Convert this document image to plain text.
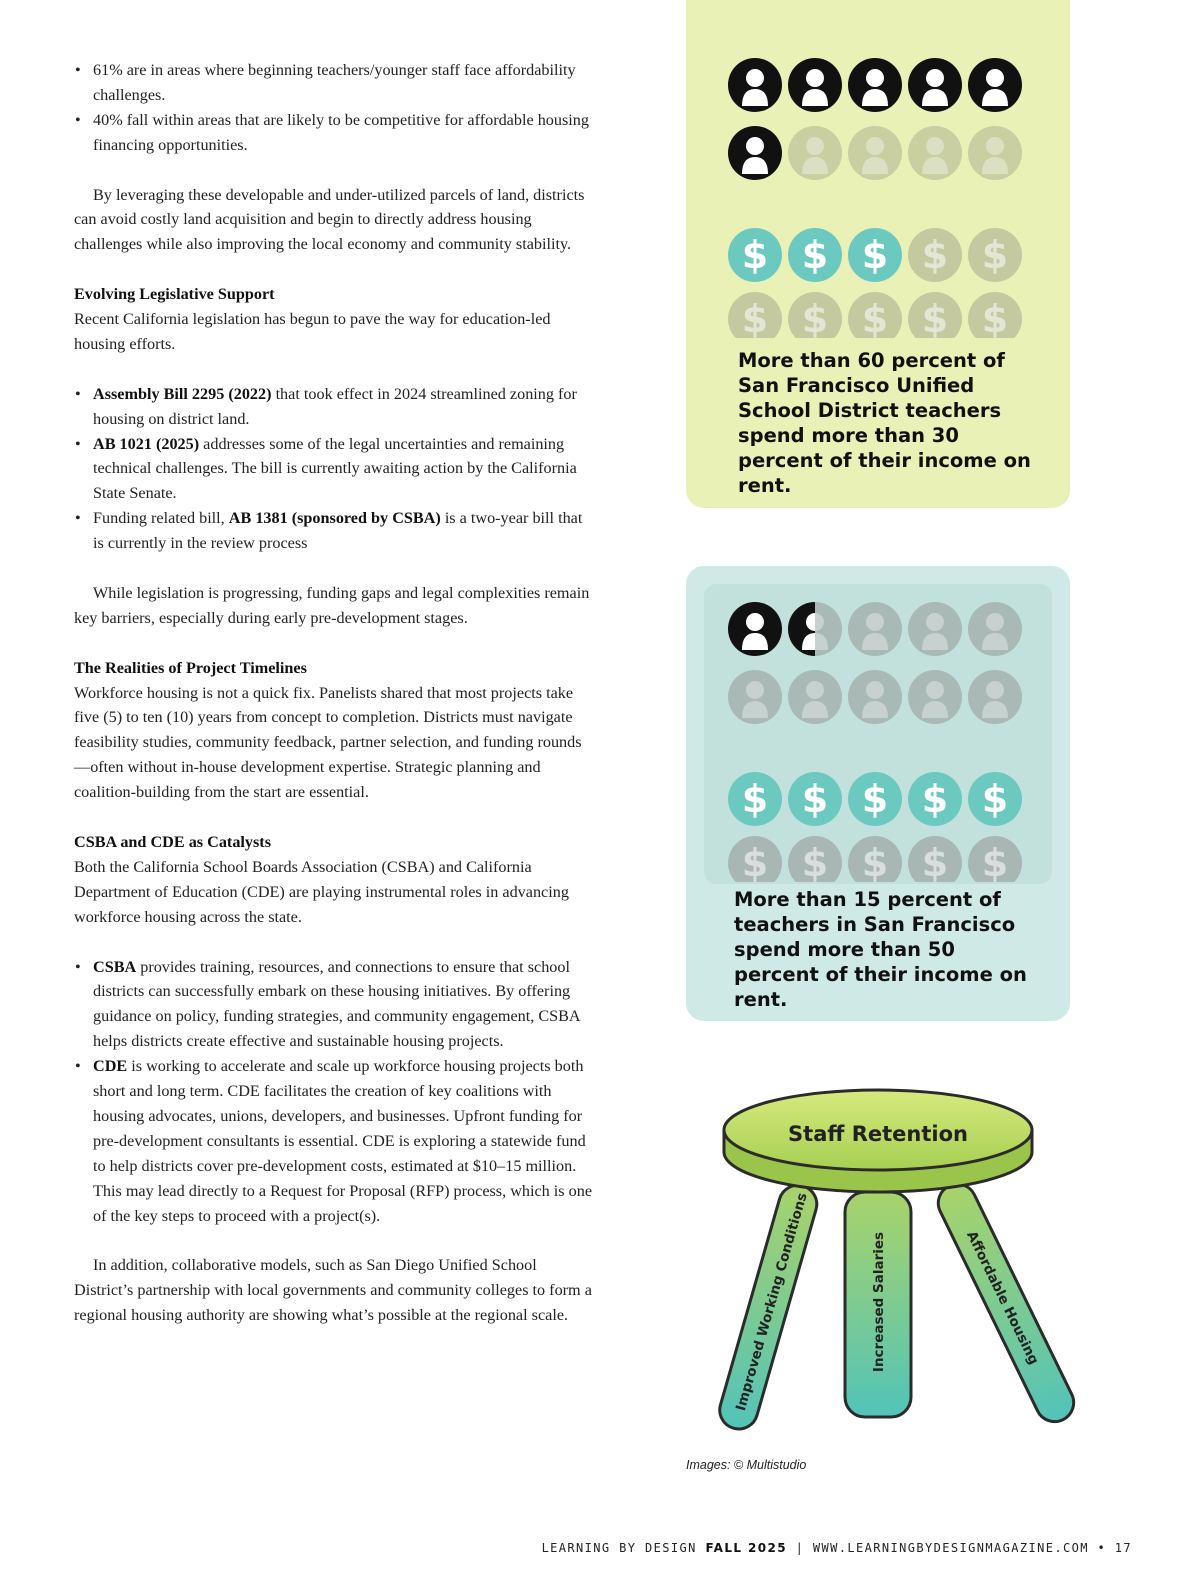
• 61% are in areas where beginning teachers/younger staff face affordability challenges.

• 40% fall within areas that are likely to be competitive for affordable housing financing opportunities.

By leveraging these developable and under-utilized parcels of land, districts can avoid costly land acquisition and begin to directly address housing challenges while also improving the local economy and community stability.

Evolving Legislative Support

Recent California legislation has begun to pave the way for education-led housing efforts.

• Assembly Bill 2295 (2022) that took effect in 2024 streamlined zoning for housing on district land.

• AB 1021 (2025) addresses some of the legal uncertainties and remaining technical challenges. The bill is currently awaiting action by the California State Senate.

• Funding related bill, AB 1381 (sponsored by CSBA) is a two-year bill that is currently in the review process

While legislation is progressing, funding gaps and legal complexities remain key barriers, especially during early pre-development stages.

The Realities of Project Timelines

Workforce housing is not a quick fix. Panelists shared that most projects take five (5) to ten (10) years from concept to completion. Districts must navigate feasibility studies, community feedback, partner selection, and funding rounds—often without in-house development expertise. Strategic planning and coalition-building from the start are essential.

CSBA and CDE as Catalysts

Both the California School Boards Association (CSBA) and California Department of Education (CDE) are playing instrumental roles in advancing workforce housing across the state.

• CSBA provides training, resources, and connections to ensure that school districts can successfully embark on these housing initiatives. By offering guidance on policy, funding strategies, and community engagement, CSBA helps districts create effective and sustainable housing projects.

• CDE is working to accelerate and scale up workforce housing projects both short and long term. CDE facilitates the creation of key coalitions with housing advocates, unions, developers, and businesses. Upfront funding for pre-development consultants is essential. CDE is exploring a statewide fund to help districts cover pre-development costs, estimated at $10–15 million. This may lead directly to a Request for Proposal (RFP) process, which is one of the key steps to proceed with a project(s).

In addition, collaborative models, such as San Diego Unified School District’s partnership with local governments and community colleges to form a regional housing authority are showing what’s possible at the regional scale.

$ $ $ $ $
$ $ $ $ $
More than 60 percent of San Francisco Unified School District teachers spend more than 30 percent of their income on rent.
$ $ $ $ $
$ $ $ $ $
More than 15 percent of teachers in San Francisco spend more than 50 percent of their income on rent.
Staff Retention
Improved Working Conditions	Increased Salaries	Affordable Housing
Images: © Multistudio
LEARNING BY DESIGN FALL 2025 | WWW.LEARNINGBYDESIGNMAGAZINE.COM • 17
